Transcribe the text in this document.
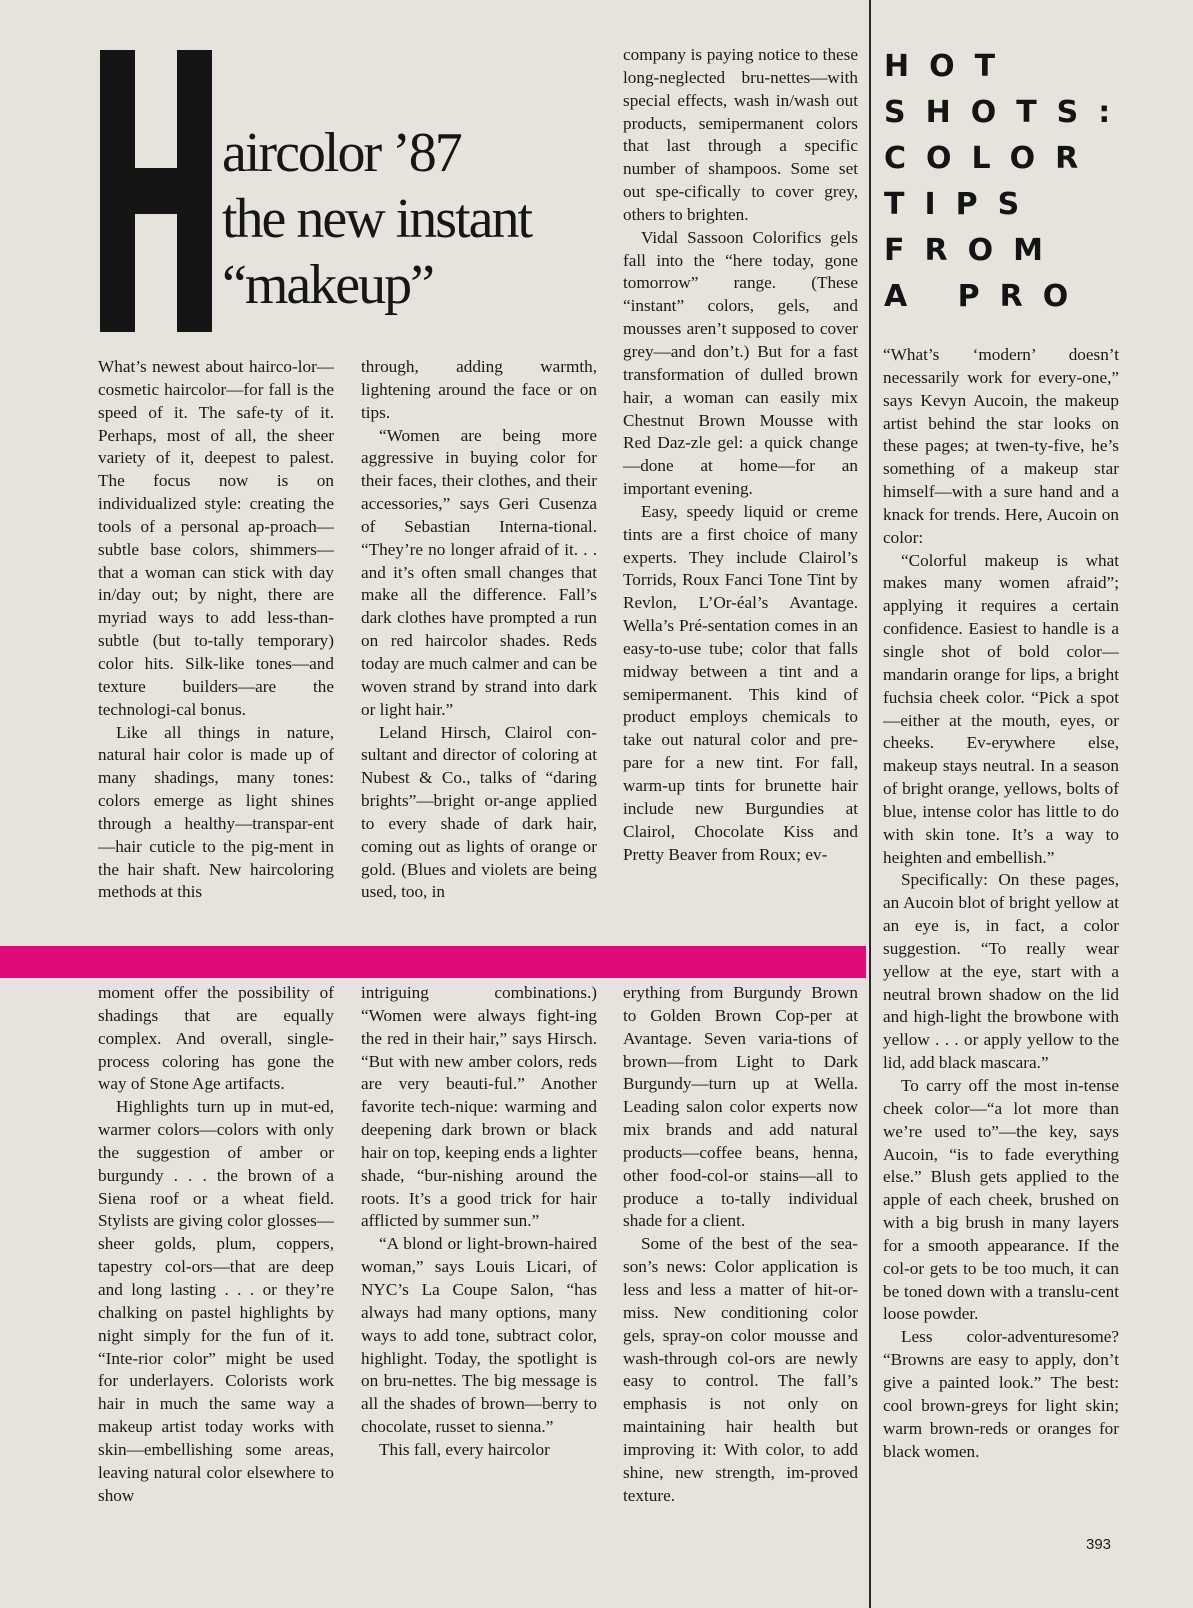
aircolor ’87
the new instant
“makeup”

What’s newest about hairco-lor—cosmetic haircolor—for fall is the speed of it. The safe-ty of it. Perhaps, most of all, the sheer variety of it, deepest to palest. The focus now is on individualized style: creating the tools of a personal ap-proach—subtle base colors, shimmers—that a woman can stick with day in/day out; by night, there are myriad ways to add less-than-subtle (but to-tally temporary) color hits. Silk-like tones—and texture builders—are the technologi-cal bonus.

Like all things in nature, natural hair color is made up of many shadings, many tones: colors emerge as light shines through a healthy—transpar-ent—hair cuticle to the pig-ment in the hair shaft. New haircoloring methods at this

through, adding warmth, lightening around the face or on tips.

“Women are being more aggressive in buying color for their faces, their clothes, and their accessories,” says Geri Cusenza of Sebastian Interna-tional. “They’re no longer afraid of it. . . and it’s often small changes that make all the difference. Fall’s dark clothes have prompted a run on red haircolor shades. Reds today are much calmer and can be woven strand by strand into dark or light hair.”

Leland Hirsch, Clairol con-sultant and director of coloring at Nubest & Co., talks of “daring brights”—bright or-ange applied to every shade of dark hair, coming out as lights of orange or gold. (Blues and violets are being used, too, in

company is paying notice to these long-neglected bru-nettes—with special effects, wash in/wash out products, semipermanent colors that last through a specific number of shampoos. Some set out spe-cifically to cover grey, others to brighten.

Vidal Sassoon Colorifics gels fall into the “here today, gone tomorrow” range. (These “instant” colors, gels, and mousses aren’t supposed to cover grey—and don’t.) But for a fast transformation of dulled brown hair, a woman can easily mix Chestnut Brown Mousse with Red Daz-zle gel: a quick change—done at home—for an important evening.

Easy, speedy liquid or creme tints are a first choice of many experts. They include Clairol’s Torrids, Roux Fanci Tone Tint by Revlon, L’Or-éal’s Avantage. Wella’s Pré-sentation comes in an easy-to-use tube; color that falls midway between a tint and a semipermanent. This kind of product employs chemicals to take out natural color and pre-pare for a new tint. For fall, warm-up tints for brunette hair include new Burgundies at Clairol, Chocolate Kiss and Pretty Beaver from Roux; ev-

moment offer the possibility of shadings that are equally complex. And overall, single-process coloring has gone the way of Stone Age artifacts.

Highlights turn up in mut-ed, warmer colors—colors with only the suggestion of amber or burgundy . . . the brown of a Siena roof or a wheat field. Stylists are giving color glosses—sheer golds, plum, coppers, tapestry col-ors—that are deep and long lasting . . . or they’re chalking on pastel highlights by night simply for the fun of it. “Inte-rior color” might be used for underlayers. Colorists work hair in much the same way a makeup artist today works with skin—embellishing some areas, leaving natural color elsewhere to show

intriguing combinations.) “Women were always fight-ing the red in their hair,” says Hirsch. “But with new amber colors, reds are very beauti-ful.” Another favorite tech-nique: warming and deepening dark brown or black hair on top, keeping ends a lighter shade, “bur-nishing around the roots. It’s a good trick for hair afflicted by summer sun.”

“A blond or light-brown-haired woman,” says Louis Licari, of NYC’s La Coupe Salon, “has always had many options, many ways to add tone, subtract color, highlight. Today, the spotlight is on bru-nettes. The big message is all the shades of brown—berry to chocolate, russet to sienna.”

This fall, every haircolor

erything from Burgundy Brown to Golden Brown Cop-per at Avantage. Seven varia-tions of brown—from Light to Dark Burgundy—turn up at Wella. Leading salon color experts now mix brands and add natural products—coffee beans, henna, other food-col-or stains—all to produce a to-tally individual shade for a client.

Some of the best of the sea-son’s news: Color application is less and less a matter of hit-or-miss. New conditioning color gels, spray-on color mousse and wash-through col-ors are newly easy to control. The fall’s emphasis is not only on maintaining hair health but improving it: With color, to add shine, new strength, im-proved texture.

HOT
SHOTS:
COLOR
TIPS
FROM
A PRO

“What’s ‘modern’ doesn’t necessarily work for every-one,” says Kevyn Aucoin, the makeup artist behind the star looks on these pages; at twen-ty-five, he’s something of a makeup star himself—with a sure hand and a knack for trends. Here, Aucoin on color:

“Colorful makeup is what makes many women afraid”; applying it requires a certain confidence. Easiest to handle is a single shot of bold color—mandarin orange for lips, a bright fuchsia cheek color. “Pick a spot—either at the mouth, eyes, or cheeks. Ev-erywhere else, makeup stays neutral. In a season of bright orange, yellows, bolts of blue, intense color has little to do with skin tone. It’s a way to heighten and embellish.”

Specifically: On these pages, an Aucoin blot of bright yellow at an eye is, in fact, a color suggestion. “To really wear yellow at the eye, start with a neutral brown shadow on the lid and high-light the browbone with yellow . . . or apply yellow to the lid, add black mascara.”

To carry off the most in-tense cheek color—“a lot more than we’re used to”—the key, says Aucoin, “is to fade everything else.” Blush gets applied to the apple of each cheek, brushed on with a big brush in many layers for a smooth appearance. If the col-or gets to be too much, it can be toned down with a translu-cent loose powder.

Less color-adventuresome? “Browns are easy to apply, don’t give a painted look.” The best: cool brown-greys for light skin; warm brown-reds or oranges for black women.

393
